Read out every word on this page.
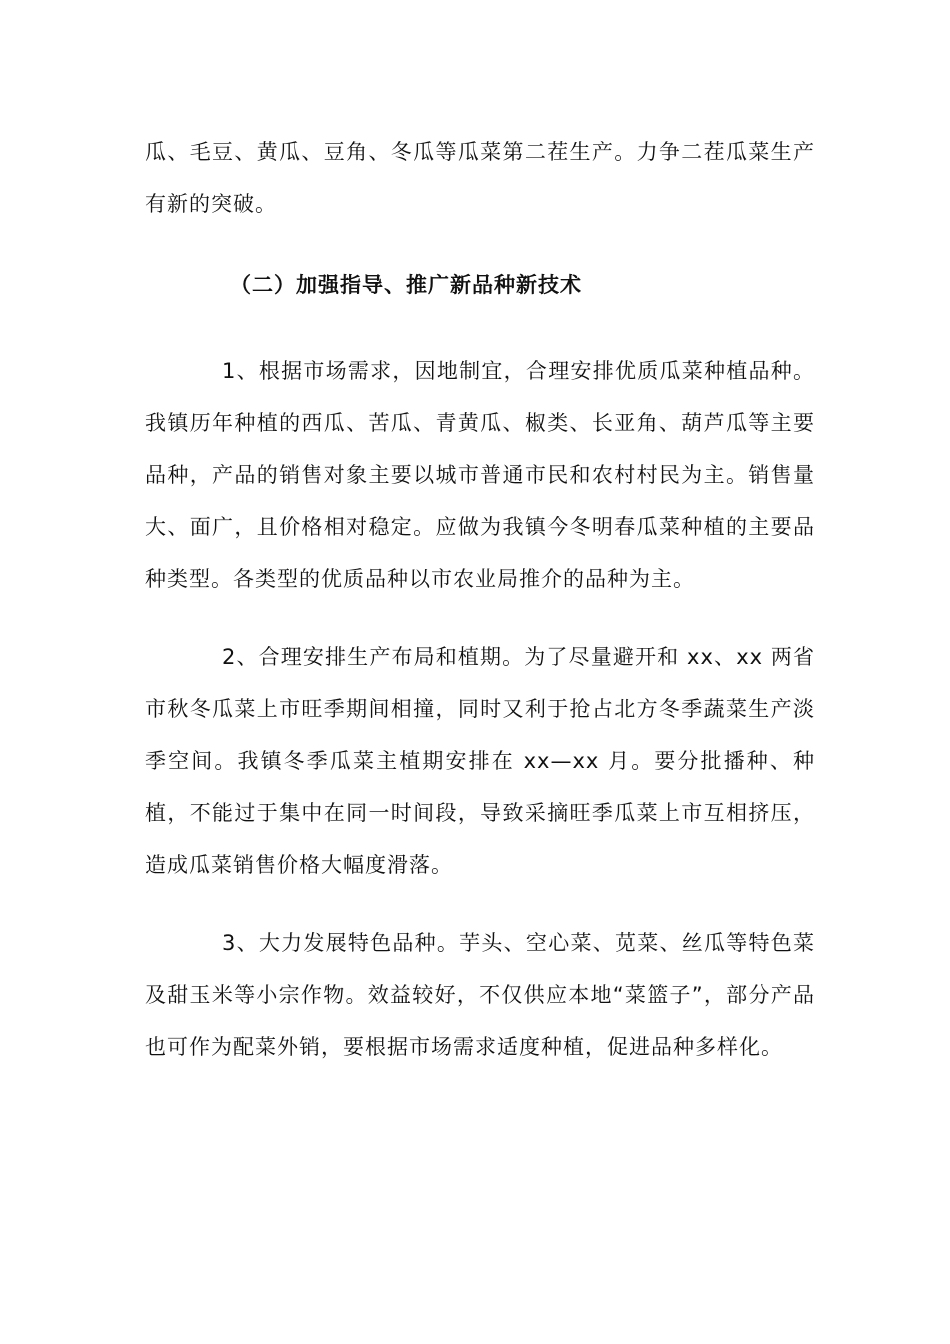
瓜、毛豆、黄瓜、豆角、冬瓜等瓜菜第二茬生产。力争二茬瓜菜生产有新的突破。

（二）加强指导、推广新品种新技术

1、根据市场需求，因地制宜，合理安排优质瓜菜种植品种。我镇历年种植的西瓜、苦瓜、青黄瓜、椒类、长亚角、葫芦瓜等主要品种，产品的销售对象主要以城市普通市民和农村村民为主。销售量大、面广，且价格相对稳定。应做为我镇今冬明春瓜菜种植的主要品种类型。各类型的优质品种以市农业局推介的品种为主。

2、合理安排生产布局和植期。为了尽量避开和 xx、xx 两省市秋冬瓜菜上市旺季期间相撞，同时又利于抢占北方冬季蔬菜生产淡季空间。我镇冬季瓜菜主植期安排在 xx—xx 月。要分批播种、种植，不能过于集中在同一时间段，导致采摘旺季瓜菜上市互相挤压，造成瓜菜销售价格大幅度滑落。

3、大力发展特色品种。芋头、空心菜、苋菜、丝瓜等特色菜及甜玉米等小宗作物。效益较好，不仅供应本地“菜篮子”，部分产品也可作为配菜外销，要根据市场需求适度种植，促进品种多样化。
